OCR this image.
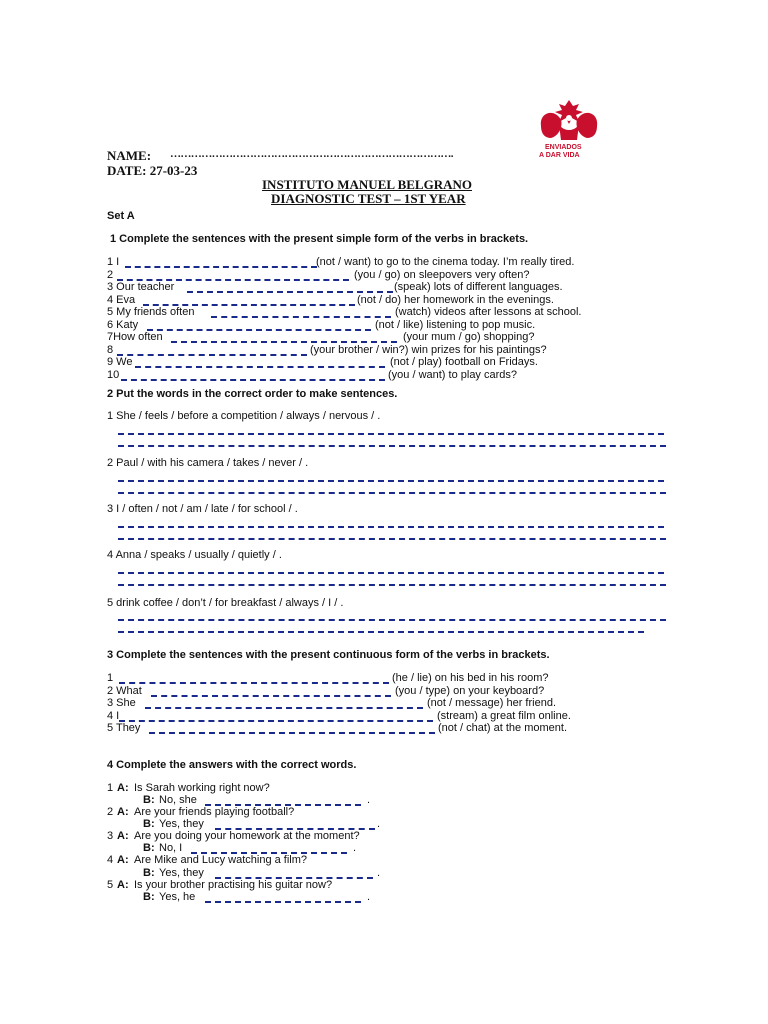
ENVIADOS
A DAR VIDA
NAME: ……………………………………………………………………….
DATE: 27-03-23
INSTITUTO MANUEL BELGRANO
DIAGNOSTIC TEST – 1ST YEAR
Set A
1 Complete the sentences with the present simple form of the verbs in brackets.
1 I	(not / want) to go to the cinema today. I’m really tired.
2	(you / go) on sleepovers very often?
3 Our teacher	(speak) lots of different languages.
4 Eva	(not / do) her homework in the evenings.
5 My friends often	(watch) videos after lessons at school.
6 Katy	(not / like) listening to pop music.
7How often	(your mum / go) shopping?
8	(your brother / win?) win prizes for his paintings?
9 We	(not / play) football on Fridays.
10	(you / want) to play cards?
2 Put the words in the correct order to make sentences.
1 She / feels / before a competition / always / nervous / .
2 Paul / with his camera / takes / never / .
3 I / often / not / am / late / for school / .
4 Anna / speaks / usually / quietly / .
5 drink coffee / don’t / for breakfast / always / I / .
3 Complete the sentences with the present continuous form of the verbs in brackets.
1	(he / lie) on his bed in his room?
2 What	(you / type) on your keyboard?
3 She	(not / message) her friend.
4 I	(stream) a great film online.
5 They	(not / chat) at the moment.
4 Complete the answers with the correct words.
1 A: Is Sarah working right now?
B: No, she	.
2 A: Are your friends playing football?
B: Yes, they	.
3 A: Are you doing your homework at the moment?
B: No, I	.
4 A: Are Mike and Lucy watching a film?
B: Yes, they	.
5 A: Is your brother practising his guitar now?
B: Yes, he	.
